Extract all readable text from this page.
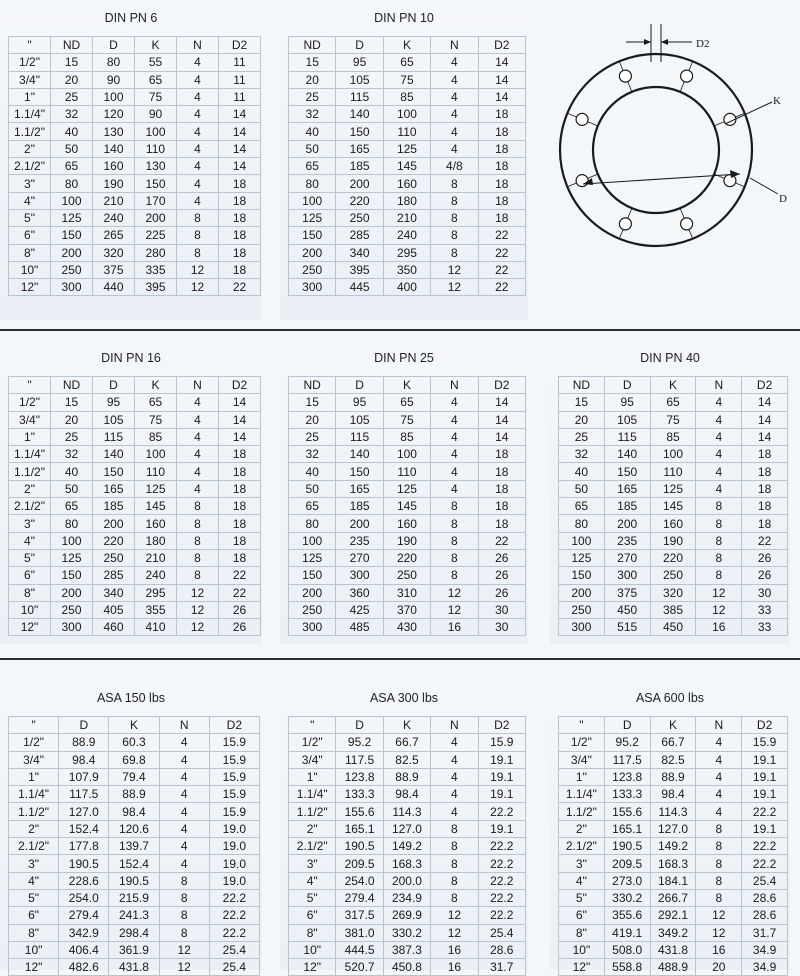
DIN PN 6
"	ND	D	K	N	D2
1/2"	15	80	55	4	11
3/4"	20	90	65	4	11
1"	25	100	75	4	11
1.1/4"	32	120	90	4	14
1.1/2"	40	130	100	4	14
2"	50	140	110	4	14
2.1/2"	65	160	130	4	14
3"	80	190	150	4	18
4"	100	210	170	4	18
5"	125	240	200	8	18
6"	150	265	225	8	18
8"	200	320	280	8	18
10"	250	375	335	12	18
12"	300	440	395	12	22
DIN PN 10
ND	D	K	N	D2
15	95	65	4	14
20	105	75	4	14
25	115	85	4	14
32	140	100	4	18
40	150	110	4	18
50	165	125	4	18
65	185	145	4/8	18
80	200	160	8	18
100	220	180	8	18
125	250	210	8	18
150	285	240	8	22
200	340	295	8	22
250	395	350	12	22
300	445	400	12	22
DIN PN 16
"	ND	D	K	N	D2
1/2"	15	95	65	4	14
3/4"	20	105	75	4	14
1"	25	115	85	4	14
1.1/4"	32	140	100	4	18
1.1/2"	40	150	110	4	18
2"	50	165	125	4	18
2.1/2"	65	185	145	8	18
3"	80	200	160	8	18
4"	100	220	180	8	18
5"	125	250	210	8	18
6"	150	285	240	8	22
8"	200	340	295	12	22
10"	250	405	355	12	26
12"	300	460	410	12	26
DIN PN 25
ND	D	K	N	D2
15	95	65	4	14
20	105	75	4	14
25	115	85	4	14
32	140	100	4	18
40	150	110	4	18
50	165	125	4	18
65	185	145	8	18
80	200	160	8	18
100	235	190	8	22
125	270	220	8	26
150	300	250	8	26
200	360	310	12	26
250	425	370	12	30
300	485	430	16	30
DIN PN 40
ND	D	K	N	D2
15	95	65	4	14
20	105	75	4	14
25	115	85	4	14
32	140	100	4	18
40	150	110	4	18
50	165	125	4	18
65	185	145	8	18
80	200	160	8	18
100	235	190	8	22
125	270	220	8	26
150	300	250	8	26
200	375	320	12	30
250	450	385	12	33
300	515	450	16	33
ASA 150 lbs
"	D	K	N	D2
1/2"	88.9	60.3	4	15.9
3/4"	98.4	69.8	4	15.9
1"	107.9	79.4	4	15.9
1.1/4"	117.5	88.9	4	15.9
1.1/2"	127.0	98.4	4	15.9
2"	152.4	120.6	4	19.0
2.1/2"	177.8	139.7	4	19.0
3"	190.5	152.4	4	19.0
4"	228.6	190.5	8	19.0
5"	254.0	215.9	8	22.2
6"	279.4	241.3	8	22.2
8"	342.9	298.4	8	22.2
10"	406.4	361.9	12	25.4
12"	482.6	431.8	12	25.4
ASA 300 lbs
"	D	K	N	D2
1/2"	95.2	66.7	4	15.9
3/4"	117.5	82.5	4	19.1
1"	123.8	88.9	4	19.1
1.1/4"	133.3	98.4	4	19.1
1.1/2"	155.6	114.3	4	22.2
2"	165.1	127.0	8	19.1
2.1/2"	190.5	149.2	8	22.2
3"	209.5	168.3	8	22.2
4"	254.0	200.0	8	22.2
5"	279.4	234.9	8	22.2
6"	317.5	269.9	12	22.2
8"	381.0	330.2	12	25.4
10"	444.5	387.3	16	28.6
12"	520.7	450.8	16	31.7
ASA 600 lbs
"	D	K	N	D2
1/2"	95.2	66.7	4	15.9
3/4"	117.5	82.5	4	19.1
1"	123.8	88.9	4	19.1
1.1/4"	133.3	98.4	4	19.1
1.1/2"	155.6	114.3	4	22.2
2"	165.1	127.0	8	19.1
2.1/2"	190.5	149.2	8	22.2
3"	209.5	168.3	8	22.2
4"	273.0	184.1	8	25.4
5"	330.2	266.7	8	28.6
6"	355.6	292.1	12	28.6
8"	419.1	349.2	12	31.7
10"	508.0	431.8	16	34.9
12"	558.8	488.9	20	34.9
D2
K
D
